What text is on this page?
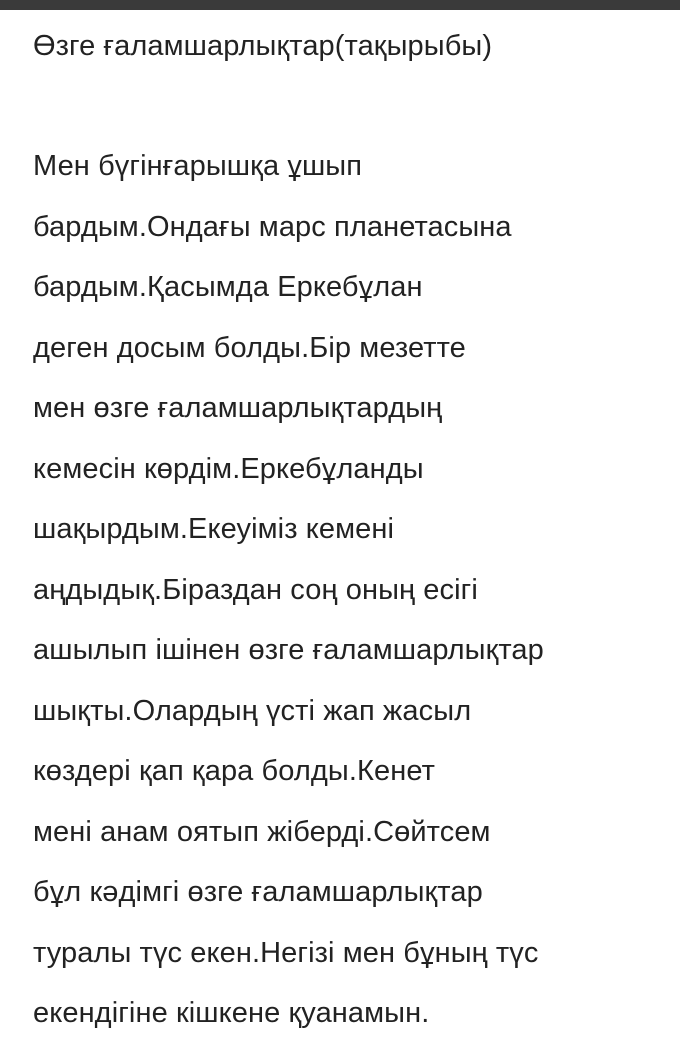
Өзге ғаламшарлықтар(тақырыбы)

Мен бүгінғарышқа ұшып

бардым.Ондағы марс планетасына

бардым.Қасымда Еркебұлан

деген досым болды.Бір мезетте

мен өзге ғаламшарлықтардың

кемесін көрдім.Еркебұланды

шақырдым.Екеуіміз кемені

аңдыдық.Біраздан соң оның есігі

ашылып ішінен өзге ғаламшарлықтар

шықты.Олардың үсті жап жасыл

көздері қап қара болды.Кенет

мені анам оятып жіберді.Сөйтсем

бұл кәдімгі өзге ғаламшарлықтар

туралы түс екен.Негізі мен бұның түс

екендігіне кішкене қуанамын.
